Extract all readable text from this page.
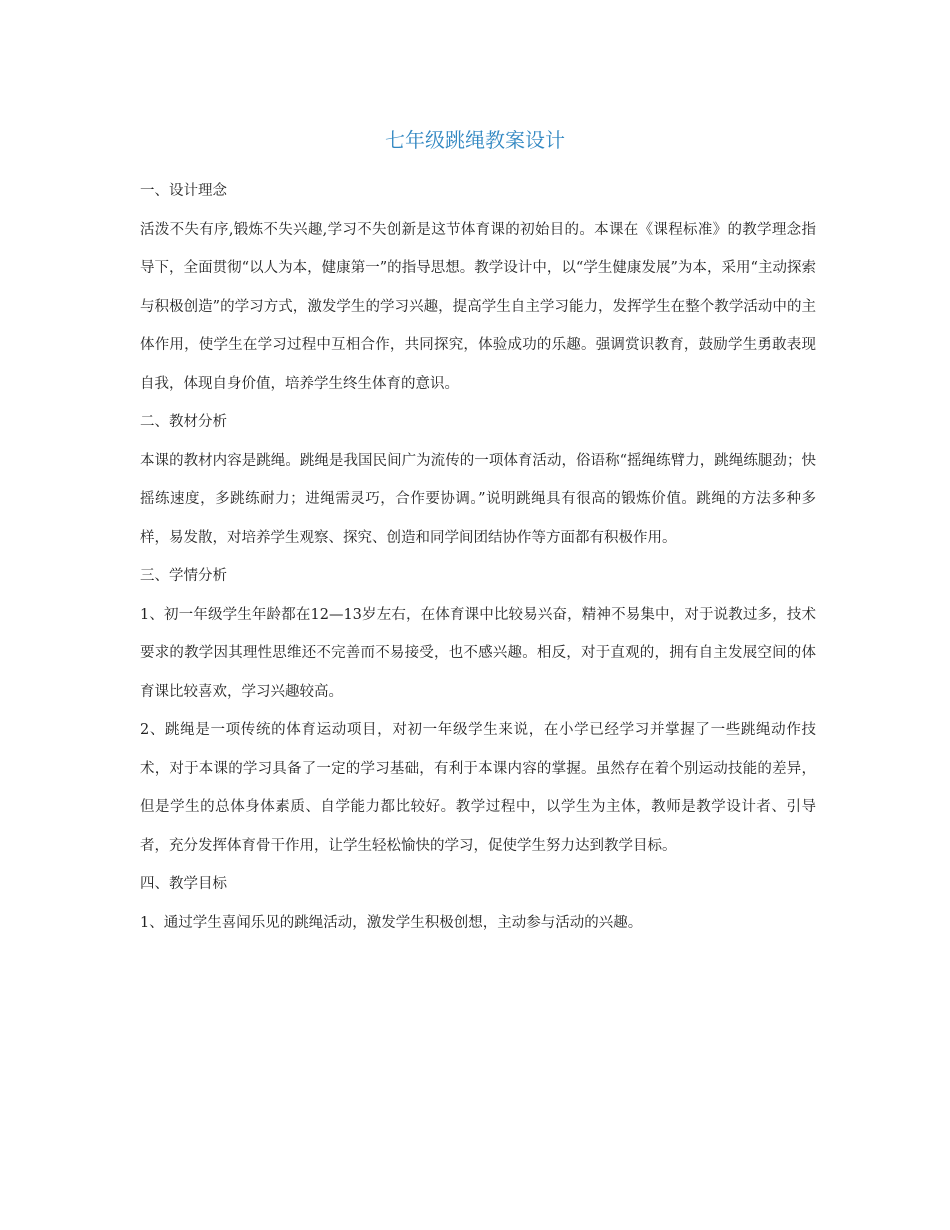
七年级跳绳教案设计

一、设计理念

活泼不失有序,锻炼不失兴趣,学习不失创新是这节体育课的初始目的。本课在《课程标准》的教学理念指导下，全面贯彻“以人为本，健康第一”的指导思想。教学设计中，以“学生健康发展”为本，采用“主动探索与积极创造”的学习方式，激发学生的学习兴趣，提高学生自主学习能力，发挥学生在整个教学活动中的主体作用，使学生在学习过程中互相合作，共同探究，体验成功的乐趣。强调赏识教育，鼓励学生勇敢表现自我，体现自身价值，培养学生终生体育的意识。

二、教材分析

本课的教材内容是跳绳。跳绳是我国民间广为流传的一项体育活动，俗语称“摇绳练臂力，跳绳练腿劲；快摇练速度，多跳练耐力；进绳需灵巧，合作要协调。”说明跳绳具有很高的锻炼价值。跳绳的方法多种多样，易发散，对培养学生观察、探究、创造和同学间团结协作等方面都有积极作用。

三、学情分析

1、初一年级学生年龄都在12—13岁左右，在体育课中比较易兴奋，精神不易集中，对于说教过多，技术要求的教学因其理性思维还不完善而不易接受，也不感兴趣。相反，对于直观的，拥有自主发展空间的体育课比较喜欢，学习兴趣较高。

2、跳绳是一项传统的体育运动项目，对初一年级学生来说，在小学已经学习并掌握了一些跳绳动作技术，对于本课的学习具备了一定的学习基础，有利于本课内容的掌握。虽然存在着个别运动技能的差异，但是学生的总体身体素质、自学能力都比较好。教学过程中，以学生为主体，教师是教学设计者、引导者，充分发挥体育骨干作用，让学生轻松愉快的学习，促使学生努力达到教学目标。

四、教学目标

1、通过学生喜闻乐见的跳绳活动，激发学生积极创想，主动参与活动的兴趣。
